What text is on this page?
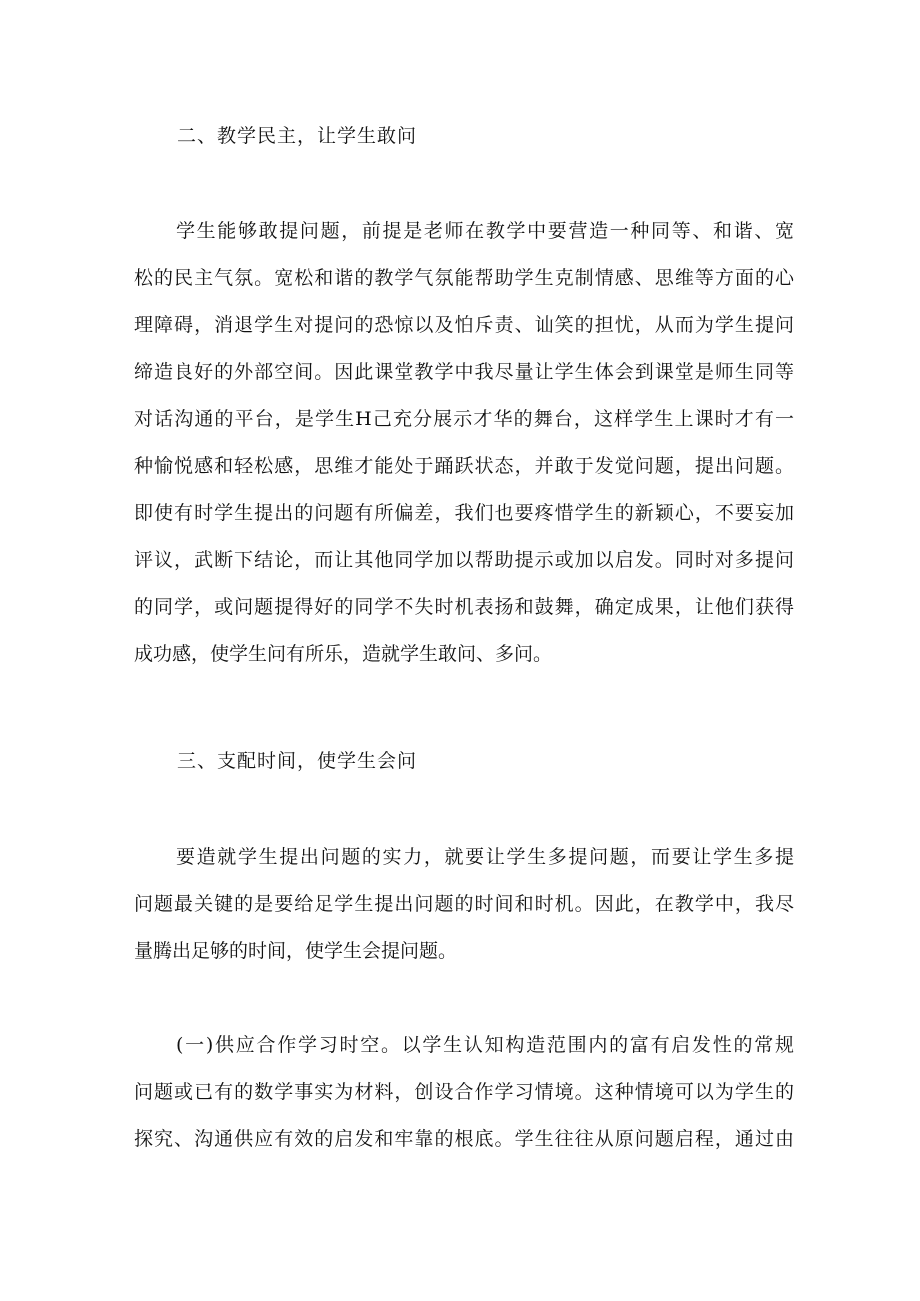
二、教学民主，让学生敢问
学生能够敢提问题，前提是老师在教学中要营造一种同等、和谐、宽
松的民主气氛。宽松和谐的教学气氛能帮助学生克制情感、思维等方面的心
理障碍，消退学生对提问的恐惊以及怕斥责、讪笑的担忧，从而为学生提问
缔造良好的外部空间。因此课堂教学中我尽量让学生体会到课堂是师生同等
对话沟通的平台，是学生H己充分展示才华的舞台，这样学生上课时才有一
种愉悦感和轻松感，思维才能处于踊跃状态，并敢于发觉问题，提出问题。
即使有时学生提出的问题有所偏差，我们也要疼惜学生的新颖心，不要妄加
评议，武断下结论，而让其他同学加以帮助提示或加以启发。同时对多提问
的同学，或问题提得好的同学不失时机表扬和鼓舞，确定成果，让他们获得
成功感，使学生问有所乐，造就学生敢问、多问。
三、支配时间，使学生会问
要造就学生提出问题的实力，就要让学生多提问题，而要让学生多提
问题最关键的是要给足学生提出问题的时间和时机。因此，在教学中，我尽
量腾出足够的时间，使学生会提问题。
(一)供应合作学习时空。以学生认知构造范围内的富有启发性的常规
问题或已有的数学事实为材料，创设合作学习情境。这种情境可以为学生的
探究、沟通供应有效的启发和牢靠的根底。学生往往从原问题启程，通过由
